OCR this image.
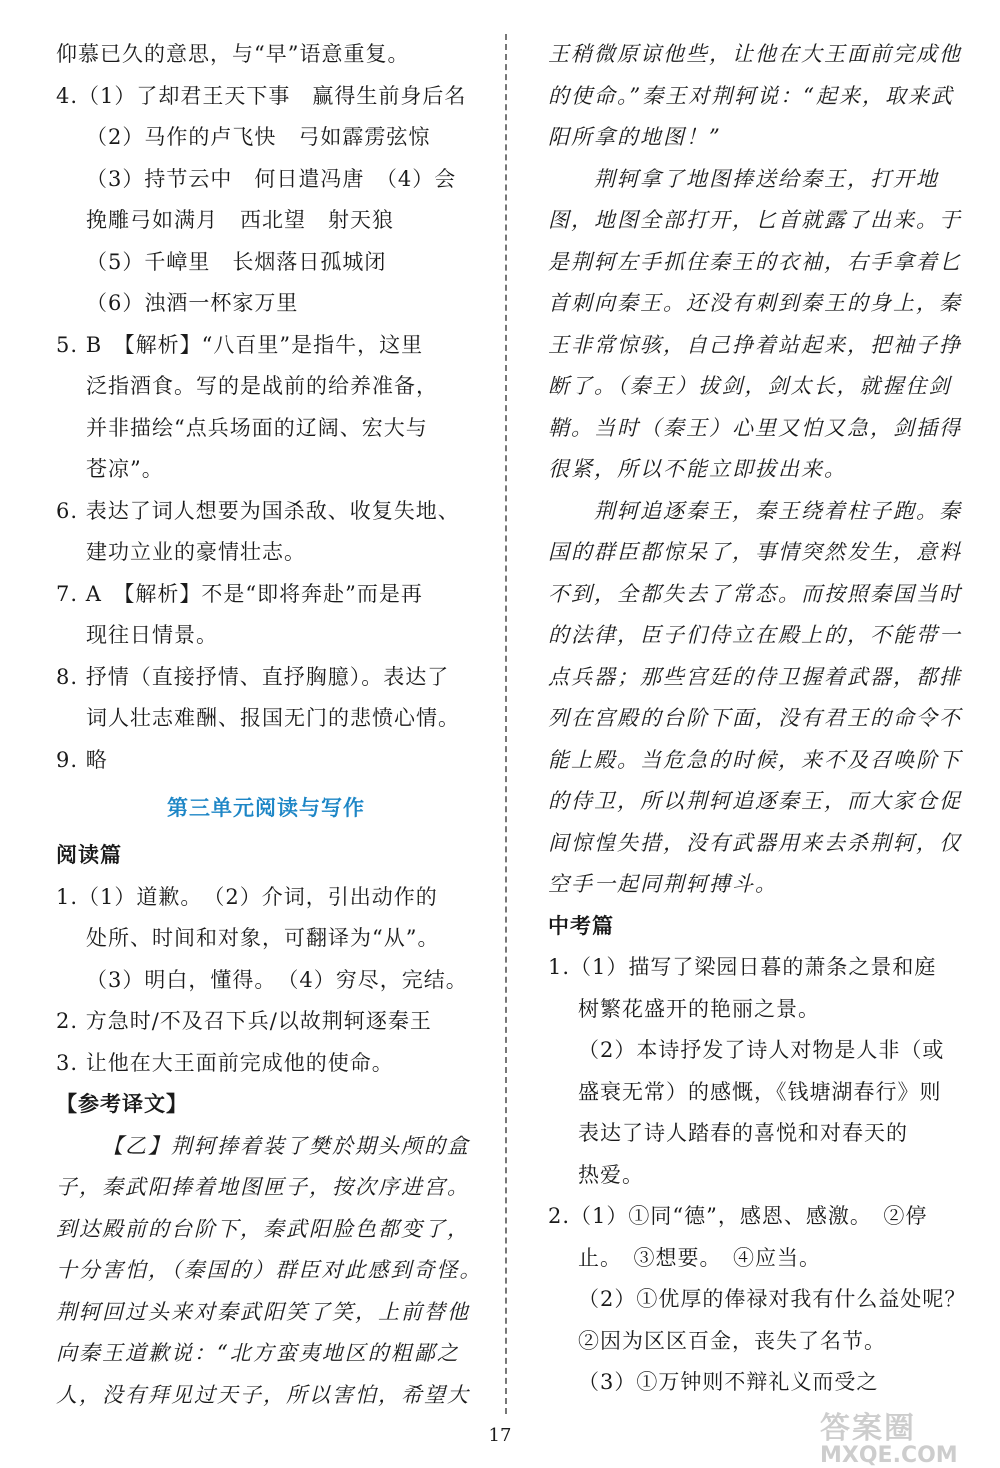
仰慕已久的意思，与“早”语意重复。
4.（1）了却君王天下事　赢得生前身后名
（2）马作的卢飞快　弓如霹雳弦惊
（3）持节云中　何日遣冯唐　（4）会
挽雕弓如满月　西北望　射天狼
（5）千嶂里　长烟落日孤城闭
（6）浊酒一杯家万里
5. B　【解析】“八百里”是指牛，这里
泛指酒食。写的是战前的给养准备，
并非描绘“点兵场面的辽阔、宏大与
苍凉”。
6. 表达了词人想要为国杀敌、收复失地、
建功立业的豪情壮志。
7. A　【解析】不是“即将奔赴”而是再
现往日情景。
8. 抒情（直接抒情、直抒胸臆）。表达了
词人壮志难酬、报国无门的悲愤心情。
9. 略
第三单元阅读与写作
阅读篇
1.（1）道歉。　（2）介词，引出动作的
处所、时间和对象，可翻译为“从”。
（3）明白，懂得。　（4）穷尽，完结。
2. 方急时/不及召下兵/以故荆轲逐秦王
3. 让他在大王面前完成他的使命。
【参考译文】
【乙】荆轲捧着装了樊於期头颅的盒
子，秦武阳捧着地图匣子，按次序进宫。
到达殿前的台阶下，秦武阳脸色都变了，
十分害怕，（秦国的）群臣对此感到奇怪。
荆轲回过头来对秦武阳笑了笑，上前替他
向秦王道歉说：“北方蛮夷地区的粗鄙之
人，没有拜见过天子，所以害怕，希望大
王稍微原谅他些，让他在大王面前完成他
的使命。”秦王对荆轲说：“起来，取来武
阳所拿的地图！”
荆轲拿了地图捧送给秦王，打开地
图，地图全部打开，匕首就露了出来。于
是荆轲左手抓住秦王的衣袖，右手拿着匕
首刺向秦王。还没有刺到秦王的身上，秦
王非常惊骇，自己挣着站起来，把袖子挣
断了。（秦王）拔剑，剑太长，就握住剑
鞘。当时（秦王）心里又怕又急，剑插得
很紧，所以不能立即拔出来。
荆轲追逐秦王，秦王绕着柱子跑。秦
国的群臣都惊呆了，事情突然发生，意料
不到，全都失去了常态。而按照秦国当时
的法律，臣子们侍立在殿上的，不能带一
点兵器；那些宫廷的侍卫握着武器，都排
列在宫殿的台阶下面，没有君王的命令不
能上殿。当危急的时候，来不及召唤阶下
的侍卫，所以荆轲追逐秦王，而大家仓促
间惊惶失措，没有武器用来去杀荆轲，仅
空手一起同荆轲搏斗。
中考篇
1.（1）描写了梁园日暮的萧条之景和庭
树繁花盛开的艳丽之景。
（2）本诗抒发了诗人对物是人非（或
盛衰无常）的感慨，《钱塘湖春行》则
表达了诗人踏春的喜悦和对春天的
热爱。
2.（1）①同“德”，感恩、感激。　②停
止。　③想要。　④应当。
（2）①优厚的俸禄对我有什么益处呢？
②因为区区百金，丧失了名节。
（3）①万钟则不辩礼义而受之
17	答案圈
MXQE.COM
